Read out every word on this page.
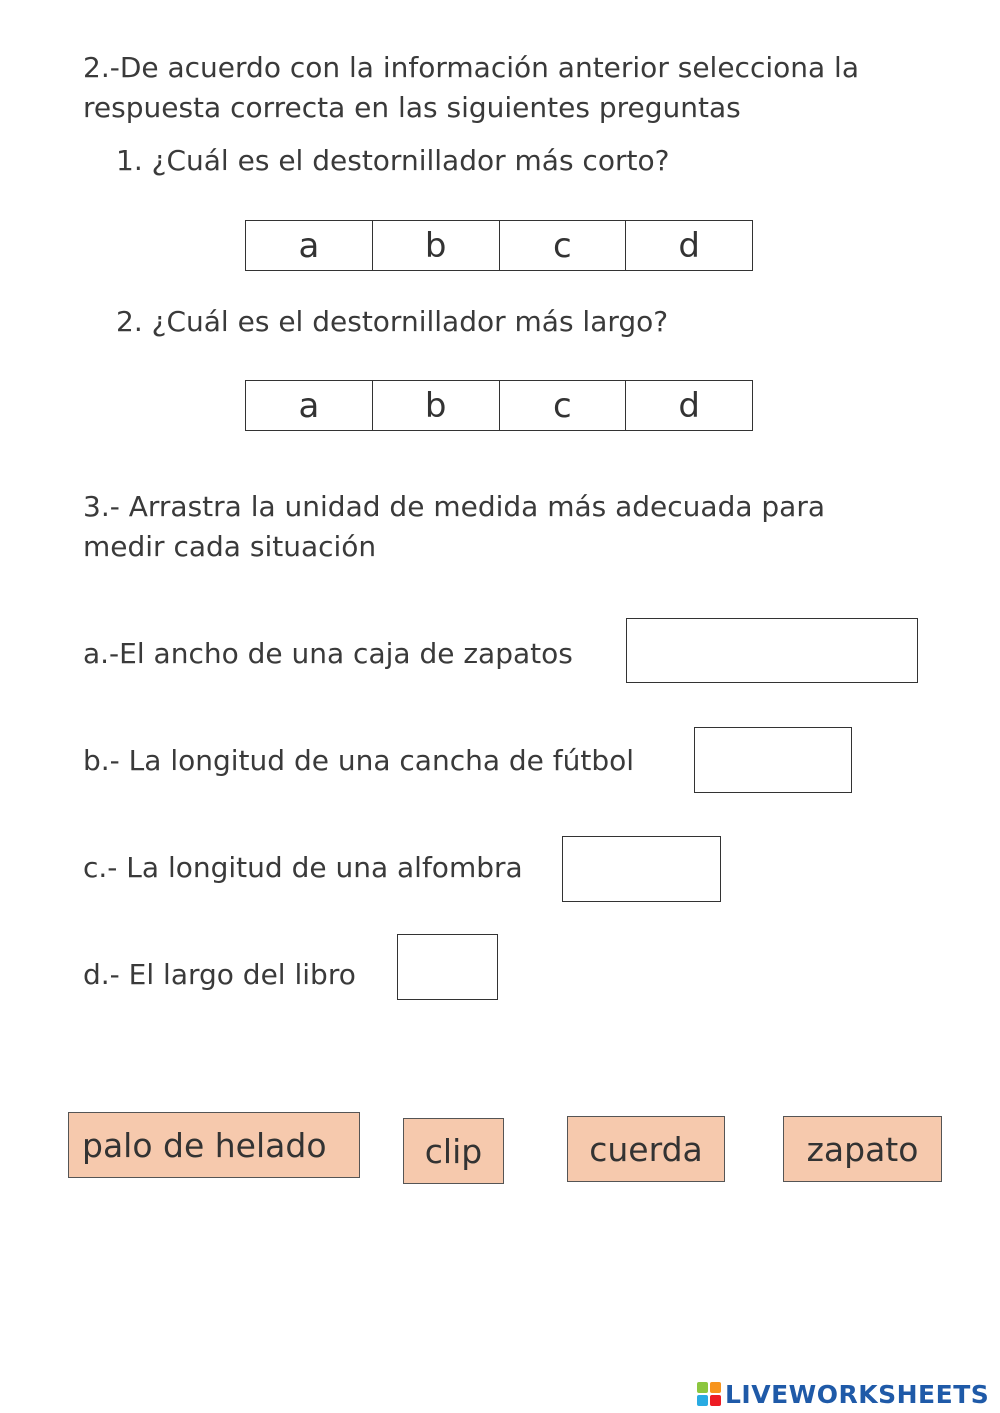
2.-De acuerdo con la información anterior selecciona la
respuesta correcta en las siguientes preguntas
1. ¿Cuál es el destornillador más corto?
a	b	c	d
2. ¿Cuál es el destornillador más largo?
a	b	c	d
3.- Arrastra la unidad de medida más adecuada para
medir cada situación
a.-El ancho de una caja de zapatos
b.- La longitud de una cancha de fútbol
c.- La longitud de una alfombra
d.- El largo del libro
palo de helado	clip	cuerda	zapato
LIVEWORKSHEETS
